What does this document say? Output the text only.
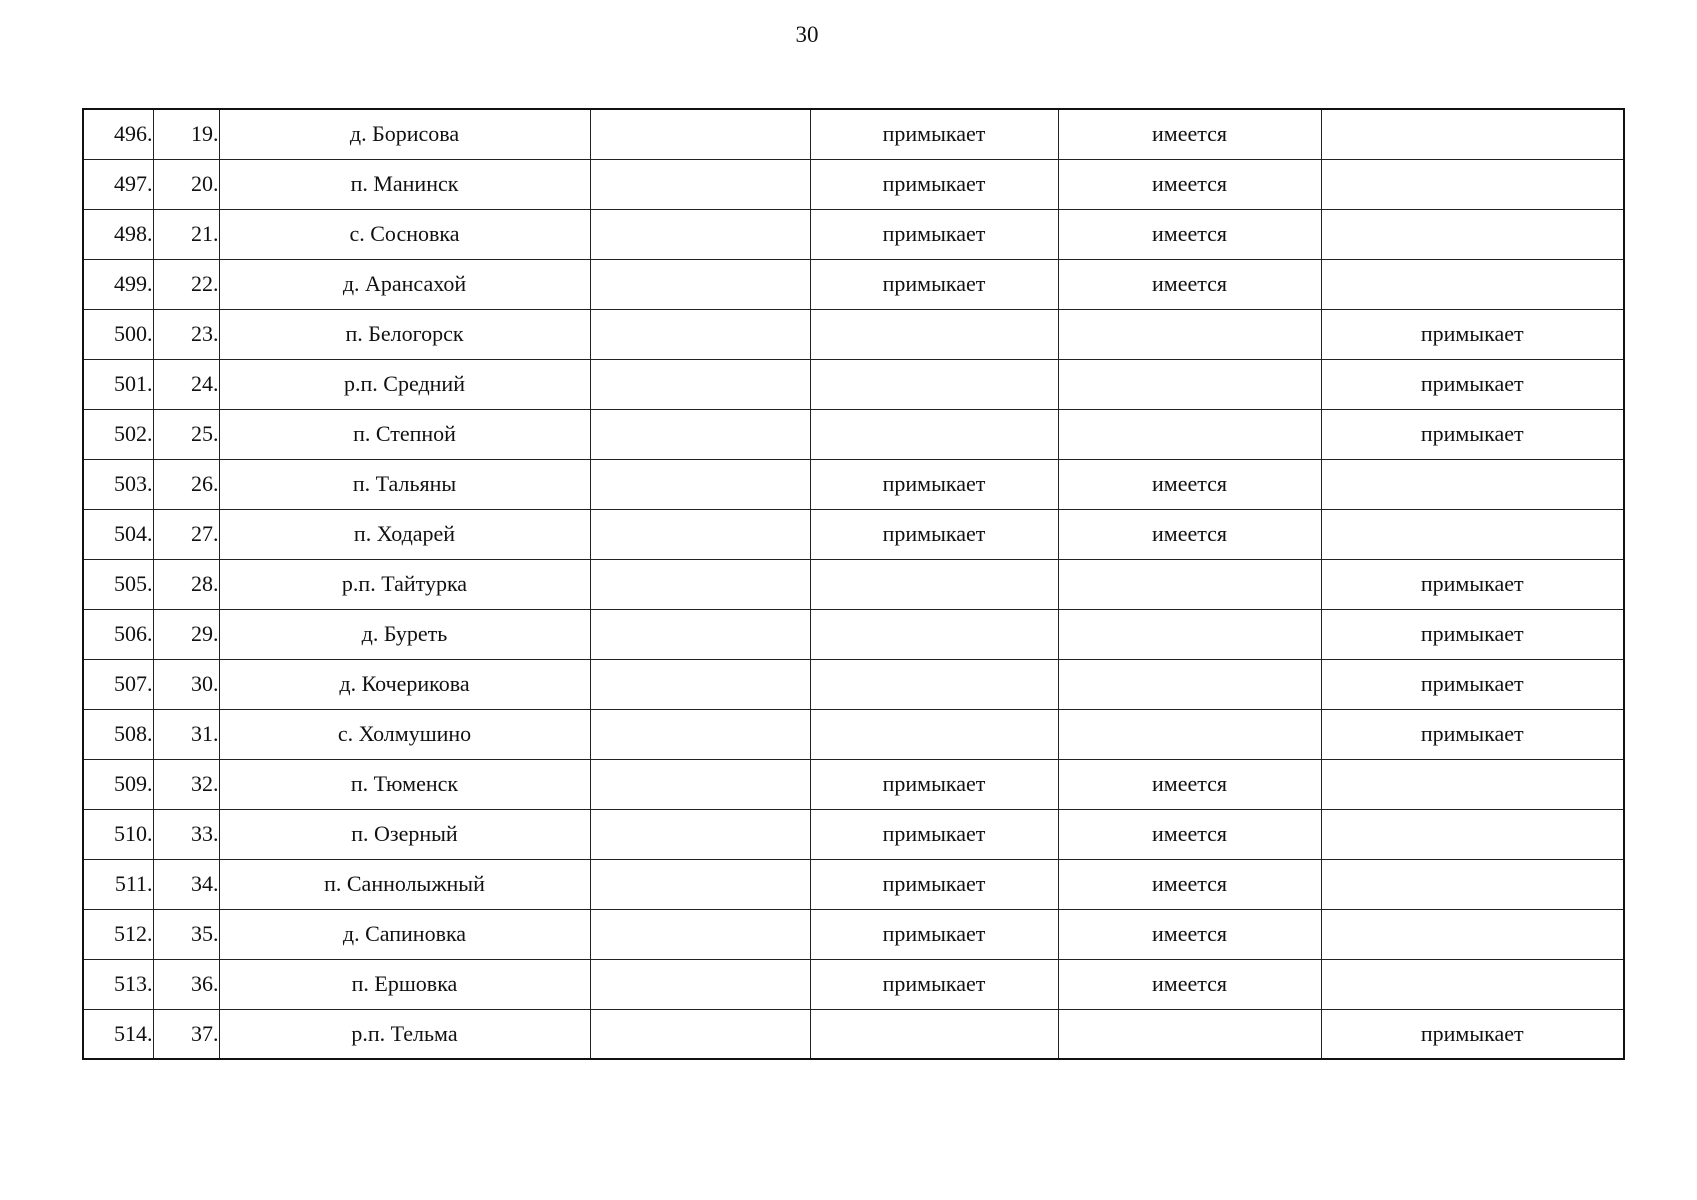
30
496.	19.	д. Борисова		примыкает	имеется	
497.	20.	п. Манинск		примыкает	имеется	
498.	21.	с. Сосновка		примыкает	имеется	
499.	22.	д. Арансахой		примыкает	имеется	
500.	23.	п. Белогорск				примыкает
501.	24.	р.п. Средний				примыкает
502.	25.	п. Степной				примыкает
503.	26.	п. Тальяны		примыкает	имеется	
504.	27.	п. Ходарей		примыкает	имеется	
505.	28.	р.п. Тайтурка				примыкает
506.	29.	д. Буреть				примыкает
507.	30.	д. Кочерикова				примыкает
508.	31.	с. Холмушино				примыкает
509.	32.	п. Тюменск		примыкает	имеется	
510.	33.	п. Озерный		примыкает	имеется	
511.	34.	п. Саннолыжный		примыкает	имеется	
512.	35.	д. Сапиновка		примыкает	имеется	
513.	36.	п. Ершовка		примыкает	имеется	
514.	37.	р.п. Тельма				примыкает
